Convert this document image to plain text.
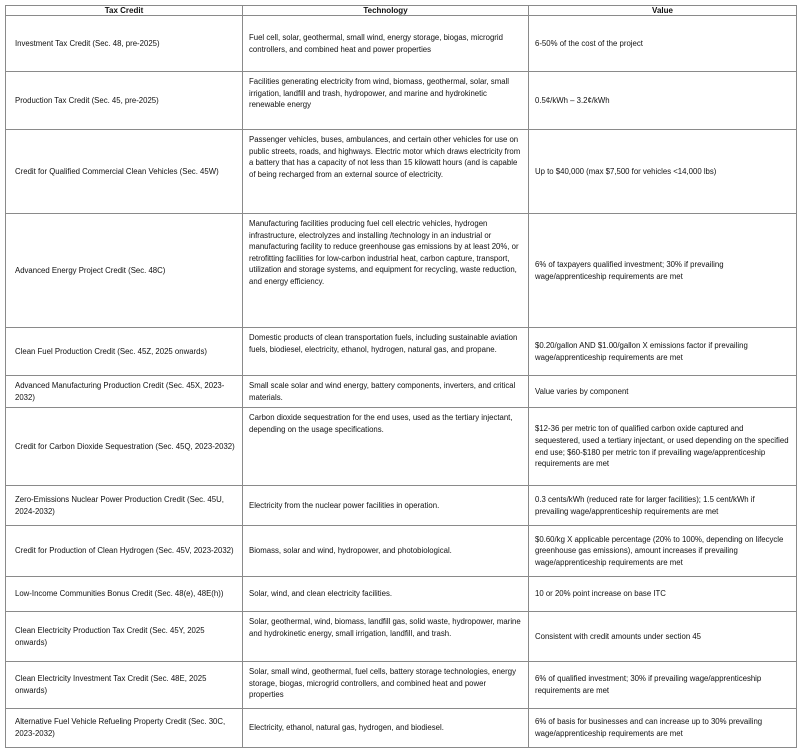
Tax Credit	Technology	Value
Investment Tax Credit (Sec. 48, pre-2025)	Fuel cell, solar, geothermal, small wind, energy storage, biogas, microgrid controllers, and combined heat and power properties	6-50% of the cost of the project
Production Tax Credit (Sec. 45, pre-2025)	Facilities generating electricity from wind, biomass, geothermal, solar, small irrigation, landfill and trash, hydropower, and marine and hydrokinetic renewable energy	0.5¢/kWh – 3.2¢/kWh
Credit for Qualified Commercial Clean Vehicles (Sec. 45W)	Passenger vehicles, buses, ambulances, and certain other vehicles for use on public streets, roads, and highways. Electric motor which draws electricity from a battery that has a capacity of not less than 15 kilowatt hours (and is capable of being recharged from an external source of electricity.	Up to $40,000 (max $7,500 for vehicles <14,000 lbs)
Advanced Energy Project Credit (Sec. 48C)	Manufacturing facilities producing fuel cell electric vehicles, hydrogen infrastructure, electrolyzes and installing /technology in an industrial or manufacturing facility to reduce greenhouse gas emissions by at least 20%, or retrofitting facilities for low-carbon industrial heat, carbon capture, transport, utilization and storage systems, and equipment for recycling, waste reduction, and energy efficiency.	6% of taxpayers qualified investment; 30% if prevailing wage/apprenticeship requirements are met
Clean Fuel Production Credit (Sec. 45Z, 2025 onwards)	Domestic products of clean transportation fuels, including sustainable aviation fuels, biodiesel, electricity, ethanol, hydrogen, natural gas, and propane.	$0.20/gallon AND $1.00/gallon X emissions factor if prevailing wage/apprenticeship requirements are met
Advanced Manufacturing Production Credit (Sec. 45X, 2023-2032)	Small scale solar and wind energy, battery components, inverters, and critical materials.	Value varies by component
Credit for Carbon Dioxide Sequestration (Sec. 45Q, 2023-2032)	Carbon dioxide sequestration for the end uses, used as the tertiary injectant, depending on the usage specifications.	$12-36 per metric ton of qualified carbon oxide captured and sequestered, used a tertiary injectant, or used depending on the specified end use; $60-$180 per metric ton if prevailing wage/apprenticeship requirements are met
Zero-Emissions Nuclear Power Production Credit (Sec. 45U, 2024-2032)	Electricity from the nuclear power facilities in operation.	0.3 cents/kWh (reduced rate for larger facilities); 1.5 cent/kWh if prevailing wage/apprenticeship requirements are met
Credit for Production of Clean Hydrogen (Sec. 45V, 2023-2032)	Biomass, solar and wind, hydropower, and photobiological.	$0.60/kg X applicable percentage (20% to 100%, depending on lifecycle greenhouse gas emissions), amount increases if prevailing wage/apprenticeship requirements are met
Low-Income Communities Bonus Credit (Sec. 48(e), 48E(h))	Solar, wind, and clean electricity facilities.	10 or 20% point increase on base ITC
Clean Electricity Production Tax Credit (Sec. 45Y, 2025 onwards)	Solar, geothermal, wind, biomass, landfill gas, solid waste, hydropower, marine and hydrokinetic energy, small irrigation, landfill, and trash.	Consistent with credit amounts under section 45
Clean Electricity Investment Tax Credit (Sec. 48E, 2025 onwards)	Solar, small wind, geothermal, fuel cells, battery storage technologies, energy storage, biogas, microgrid controllers, and combined heat and power properties	6% of qualified investment; 30% if prevailing wage/apprenticeship requirements are met
Alternative Fuel Vehicle Refueling Property Credit (Sec. 30C, 2023-2032)	Electricity, ethanol, natural gas, hydrogen, and biodiesel.	6% of basis for businesses and can increase up to 30% prevailing wage/apprenticeship requirements are met
